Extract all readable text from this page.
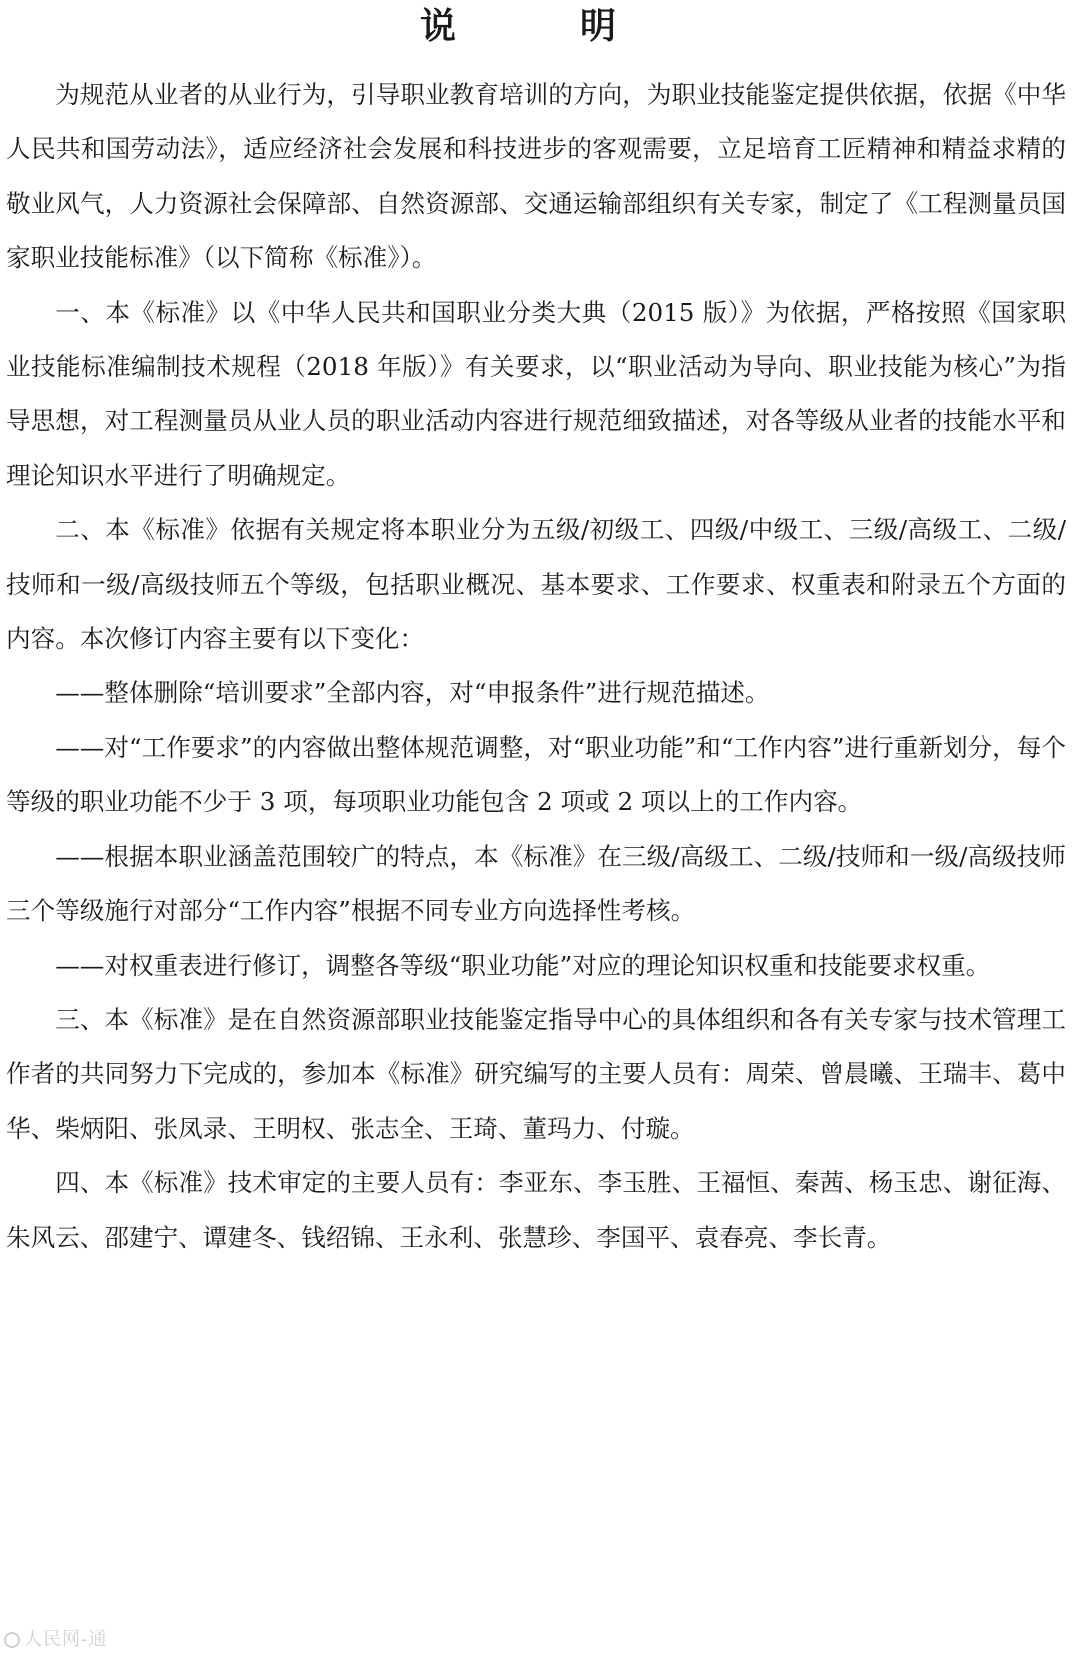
说　明

为规范从业者的从业行为，引导职业教育培训的方向，为职业技能鉴定提供依据，依据《中华人民共和国劳动法》，适应经济社会发展和科技进步的客观需要，立足培育工匠精神和精益求精的敬业风气，人力资源社会保障部、自然资源部、交通运输部组织有关专家，制定了《工程测量员国家职业技能标准》（以下简称《标准》）。

一、本《标准》以《中华人民共和国职业分类大典（2015 版）》为依据，严格按照《国家职业技能标准编制技术规程（2018 年版）》有关要求，以“职业活动为导向、职业技能为核心”为指导思想，对工程测量员从业人员的职业活动内容进行规范细致描述，对各等级从业者的技能水平和理论知识水平进行了明确规定。

二、本《标准》依据有关规定将本职业分为五级/初级工、四级/中级工、三级/高级工、二级/技师和一级/高级技师五个等级，包括职业概况、基本要求、工作要求、权重表和附录五个方面的内容。本次修订内容主要有以下变化：

——整体删除“培训要求”全部内容，对“申报条件”进行规范描述。

——对“工作要求”的内容做出整体规范调整，对“职业功能”和“工作内容”进行重新划分，每个等级的职业功能不少于 3 项，每项职业功能包含 2 项或 2 项以上的工作内容。

——根据本职业涵盖范围较广的特点，本《标准》在三级/高级工、二级/技师和一级/高级技师三个等级施行对部分“工作内容”根据不同专业方向选择性考核。

——对权重表进行修订，调整各等级“职业功能”对应的理论知识权重和技能要求权重。

三、本《标准》是在自然资源部职业技能鉴定指导中心的具体组织和各有关专家与技术管理工作者的共同努力下完成的，参加本《标准》研究编写的主要人员有：周荣、曾晨曦、王瑞丰、葛中华、柴炳阳、张凤录、王明权、张志全、王琦、董玛力、付璇。

四、本《标准》技术审定的主要人员有：李亚东、李玉胜、王福恒、秦茜、杨玉忠、谢征海、朱风云、邵建宁、谭建冬、钱绍锦、王永利、张慧珍、李国平、袁春亮、李长青。

人民网-通
